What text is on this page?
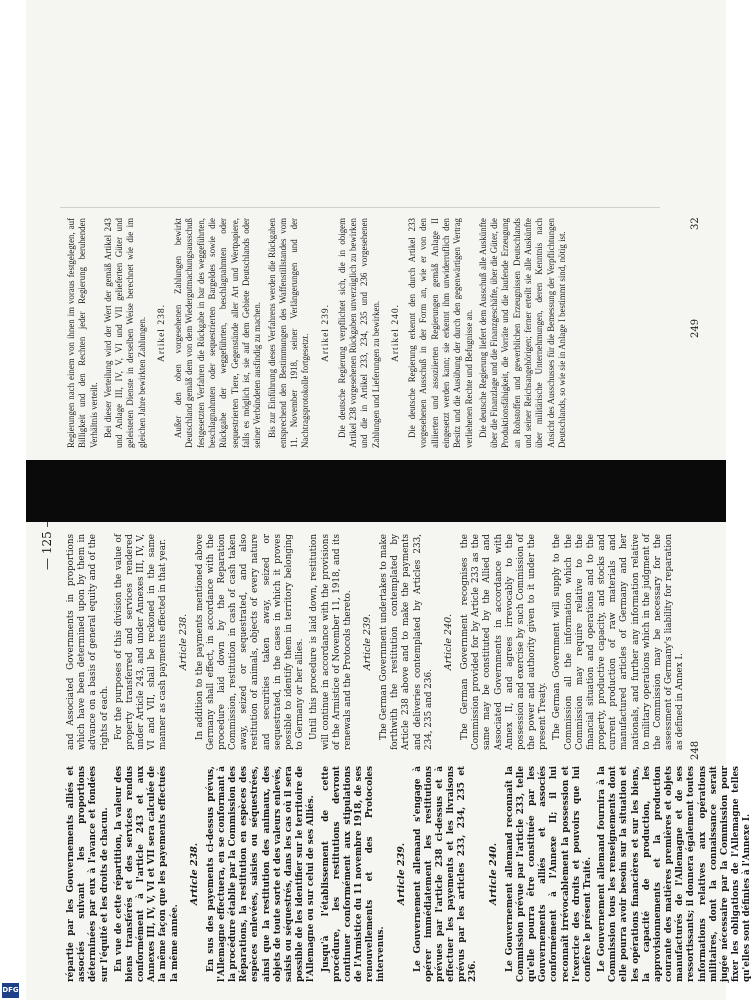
DFG
— 125

répartie par les Gouvernements alliés et associés suivant les proportions déterminées par eux à l'avance et fondées sur l'équité et les droits de chacun. En vue de cette répartition, la valeur des biens transférés et des services rendus conformément à l'article 243 et aux Annexes III, IV, V, VI et VII sera calculée de la même façon que les payements effectués la même année.

Article 238. En sus des payements ci-dessus prévus, l'Allemagne effectuera, en se conformant à la procédure établie par la Commission des Réparations, la restitution en espèces des espèces enlevées, saisies ou séquestrées, ainsi que la restitution des animaux, des objets de toute sorte et des valeurs enlevés, saisis ou séquestrés, dans les cas où il sera possible de les identifier sur le territoire de l'Allemagne ou sur celui de ses Alliés. Jusqu'à l'établissement de cette procédure, les restitutions devront continuer conformément aux stipulations de l'Armistice du 11 novembre 1918, de ses renouvellements et des Protocoles intervenus.

Article 239. Le Gouvernement allemand s'engage à opérer immédiatement les restitutions prévues par l'article 238 ci-dessus et à effectuer les payements et les livraisons prévus par les articles 233, 234, 235 et 236.

Article 240. Le Gouvernement allemand reconnaît la Commission prévue par l'article 233, telle qu'elle pourra être constituée par les Gouvernements alliés et associés conformément à l'Annexe II; il lui reconnaît irrévocablement la possession et l'exercice des droits et pouvoirs que lui confère le présent Traité. Le Gouvernement allemand fournira à la Commission tous les renseignements dont elle pourra avoir besoin sur la situation et les opérations financières et sur les biens, la capacité de production, les approvisionnements et la production courante des matières premières et objets manufacturés de l'Allemagne et de ses ressortissants; il donnera également toutes informations relatives aux opérations militaires, dont la connaissance serait jugée nécessaire par la Commission pour fixer les obligations de l'Allemagne telles qu'elles sont définies à l'Annexe I.

and Associated Governments in proportions which have been determined upon by them in advance on a basis of general equity and of the rights of each. For the purposes of this division the value of property transferred and services rendered under Article 243, and under Annexes III, IV, V, VI and VII, shall be reckoned in the same manner as cash payments effected in that year. Article 238. In addition to the payments mentioned above Germany shall effect, in accordance with the procedure laid down by the Reparation Commission, restitution in cash of cash taken away, seized or sequestrated, and also restitution of animals, objects of every nature and securities taken away, seized or sequestrated, in the cases in which it proves possible to identify them in territory belonging to Germany or her allies. Until this procedure is laid down, restitution will continue in accordance with the provisions of the Armistice of November 11, 1918, and its renewals and the Protocols thereto. Article 239. The German Government undertakes to make forthwith the restitution contemplated by Article 238 above and to make the payments and deliveries contemplated by Articles 233, 234, 235 and 236.

Article 240. The German Government recognises the Commission provided for by Article 233 as the same may be constituted by the Allied and Associated Governments in accordance with Annex II, and agrees irrevocably to the possession and exercise by such Commission of the power and authority given to it under the present Treaty. The German Government will supply to the Commission all the information which the Commission may require relative to the financial situation and operations and to the property, productive capacity, and stocks and current production of raw materials and manufactured articles of Germany and her nationals, and further any information relative to military operations which in the judgment of the Commission may be necessary for the assessment of Germany's liability for reparation as defined in Annex I.

Regierungen nach einem von ihnen im voraus festgelegten, auf Billigkeit und den Rechten jeder Regierung beruhenden Verhältnis verteilt. Bei dieser Verteilung wird der Wert der gemäß Artikel 243 und Anlage III, IV, V, VI und VII gelieferten Güter und geleisteten Dienste in derselben Weise berechnet wie die im gleichen Jahre bewirkten Zahlungen. Artikel 238. Außer den oben vorgesehenen Zahlungen bewirkt Deutschland gemäß dem von dem Wiedergutmachungsausschuß festgesetzten Verfahren die Rückgabe in bar des weggeführten, beschlagnahmten oder sequestrierten Bargeldes sowie die Rückgabe der weggeführten, beschlagnahmten oder sequestrierten Tiere, Gegenstände aller Art und Wertpapiere, falls es möglich ist, sie auf dem Gebiete Deutschlands oder seiner Verbündeten ausfindig zu machen. Bis zur Einführung dieses Verfahrens werden die Rückgaben entsprechend den Bestimmungen des Waffenstillstandes vom 11. November 1918, seiner Verlängerungen und der Nachtragsprotokolle fortgesetzt.

Artikel 239. Die deutsche Regierung verpflichtet sich, die in obigem Artikel 238 vorgesehenen Rückgaben unverzüglich zu bewirken und die in Artikel 233, 234, 235 und 236 vorgesehenen Zahlungen und Lieferungen zu bewirken. Artikel 240. Die deutsche Regierung erkennt den durch Artikel 233 vorgesehenen Ausschuß in der Form an, wie er von den alliierten und assoziierten Regierungen gemäß Anlage II eingesetzt werden kann; sie erkennt ihm unwiderruflich den Besitz und die Ausübung der durch den gegenwärtigen Vertrag verliehenen Rechte und Befugnisse an. Die deutsche Regierung liefert dem Ausschuß alle Auskünfte über die Finanzlage und die Finanzgeschäfte, über die Güter, die Produktionsfähigkeit, die Vorräte und die laufende Erzeugung an Rohstoffen und gewerblichen Erzeugnissen Deutschlands und seiner Reichsangehörigen; ferner erteilt sie alle Auskünfte über militärische Unternehmungen, deren Kenntnis nach Ansicht des Ausschusses für die Bemessung der Verpflichtungen Deutschlands, so wie sie in Anlage I bestimmt sind, nötig ist.

248
249
32
